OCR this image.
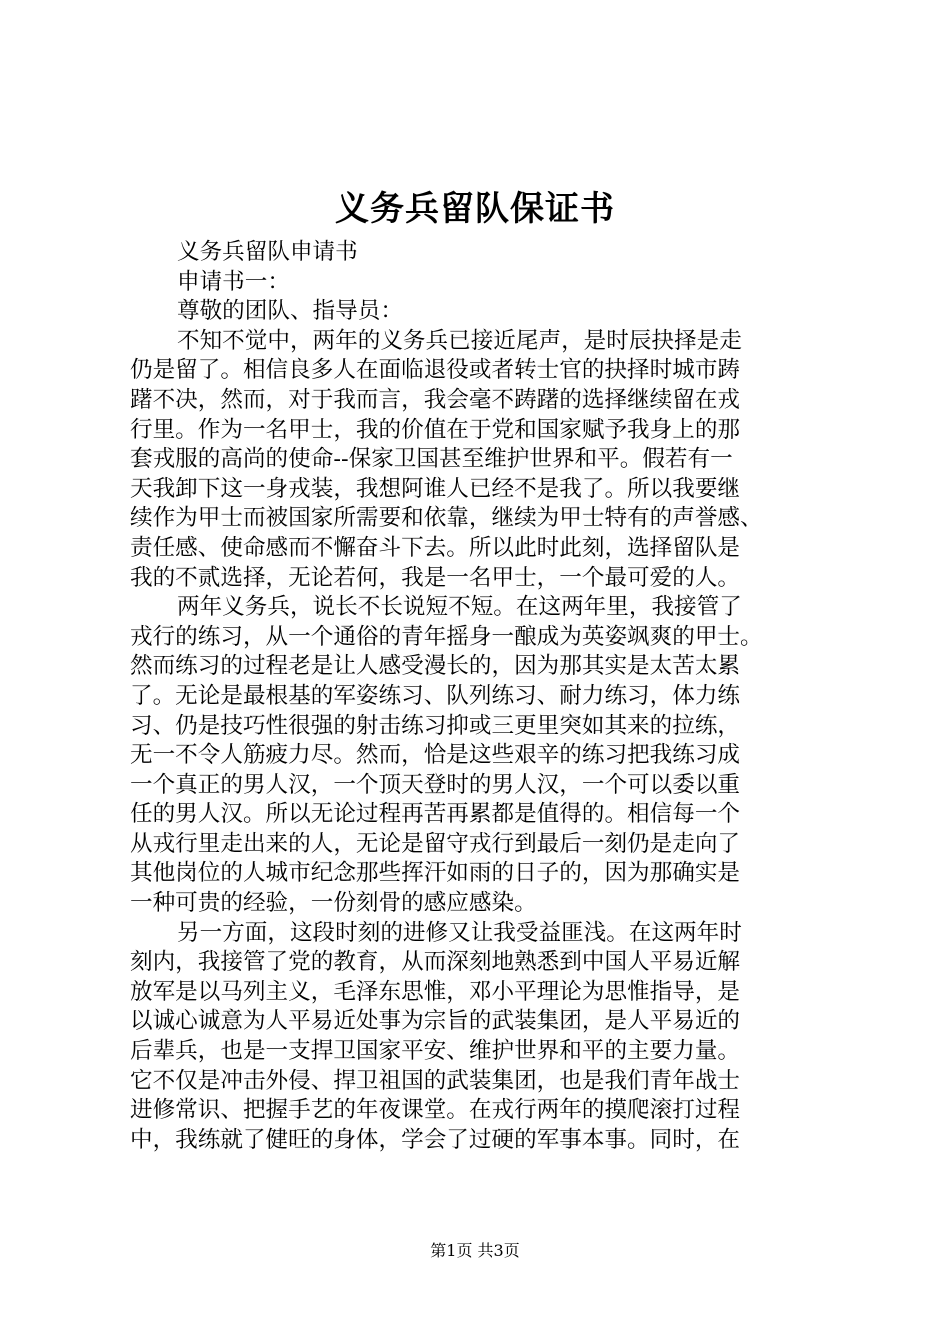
义务兵留队保证书
义务兵留队申请书
申请书一：
尊敬的团队、指导员：
不知不觉中，两年的义务兵已接近尾声，是时辰抉择是走
仍是留了。相信良多人在面临退役或者转士官的抉择时城市踌
躇不决，然而，对于我而言，我会毫不踌躇的选择继续留在戎
行里。作为一名甲士，我的价值在于党和国家赋予我身上的那
套戎服的高尚的使命--保家卫国甚至维护世界和平。假若有一
天我卸下这一身戎装，我想阿谁人已经不是我了。所以我要继
续作为甲士而被国家所需要和依靠，继续为甲士特有的声誉感、
责任感、使命感而不懈奋斗下去。所以此时此刻，选择留队是
我的不贰选择，无论若何，我是一名甲士，一个最可爱的人。
两年义务兵，说长不长说短不短。在这两年里，我接管了
戎行的练习，从一个通俗的青年摇身一酿成为英姿飒爽的甲士。
然而练习的过程老是让人感受漫长的，因为那其实是太苦太累
了。无论是最根基的军姿练习、队列练习、耐力练习，体力练
习、仍是技巧性很强的射击练习抑或三更里突如其来的拉练，
无一不令人筋疲力尽。然而，恰是这些艰辛的练习把我练习成
一个真正的男人汉，一个顶天登时的男人汉，一个可以委以重
任的男人汉。所以无论过程再苦再累都是值得的。相信每一个
从戎行里走出来的人，无论是留守戎行到最后一刻仍是走向了
其他岗位的人城市纪念那些挥汗如雨的日子的，因为那确实是
一种可贵的经验，一份刻骨的感应感染。
另一方面，这段时刻的进修又让我受益匪浅。在这两年时
刻内，我接管了党的教育，从而深刻地熟悉到中国人平易近解
放军是以马列主义，毛泽东思惟，邓小平理论为思惟指导，是
以诚心诚意为人平易近处事为宗旨的武装集团，是人平易近的
后辈兵，也是一支捍卫国家平安、维护世界和平的主要力量。
它不仅是冲击外侵、捍卫祖国的武装集团，也是我们青年战士
进修常识、把握手艺的年夜课堂。在戎行两年的摸爬滚打过程
中，我练就了健旺的身体，学会了过硬的军事本事。同时，在
第1页 共3页
